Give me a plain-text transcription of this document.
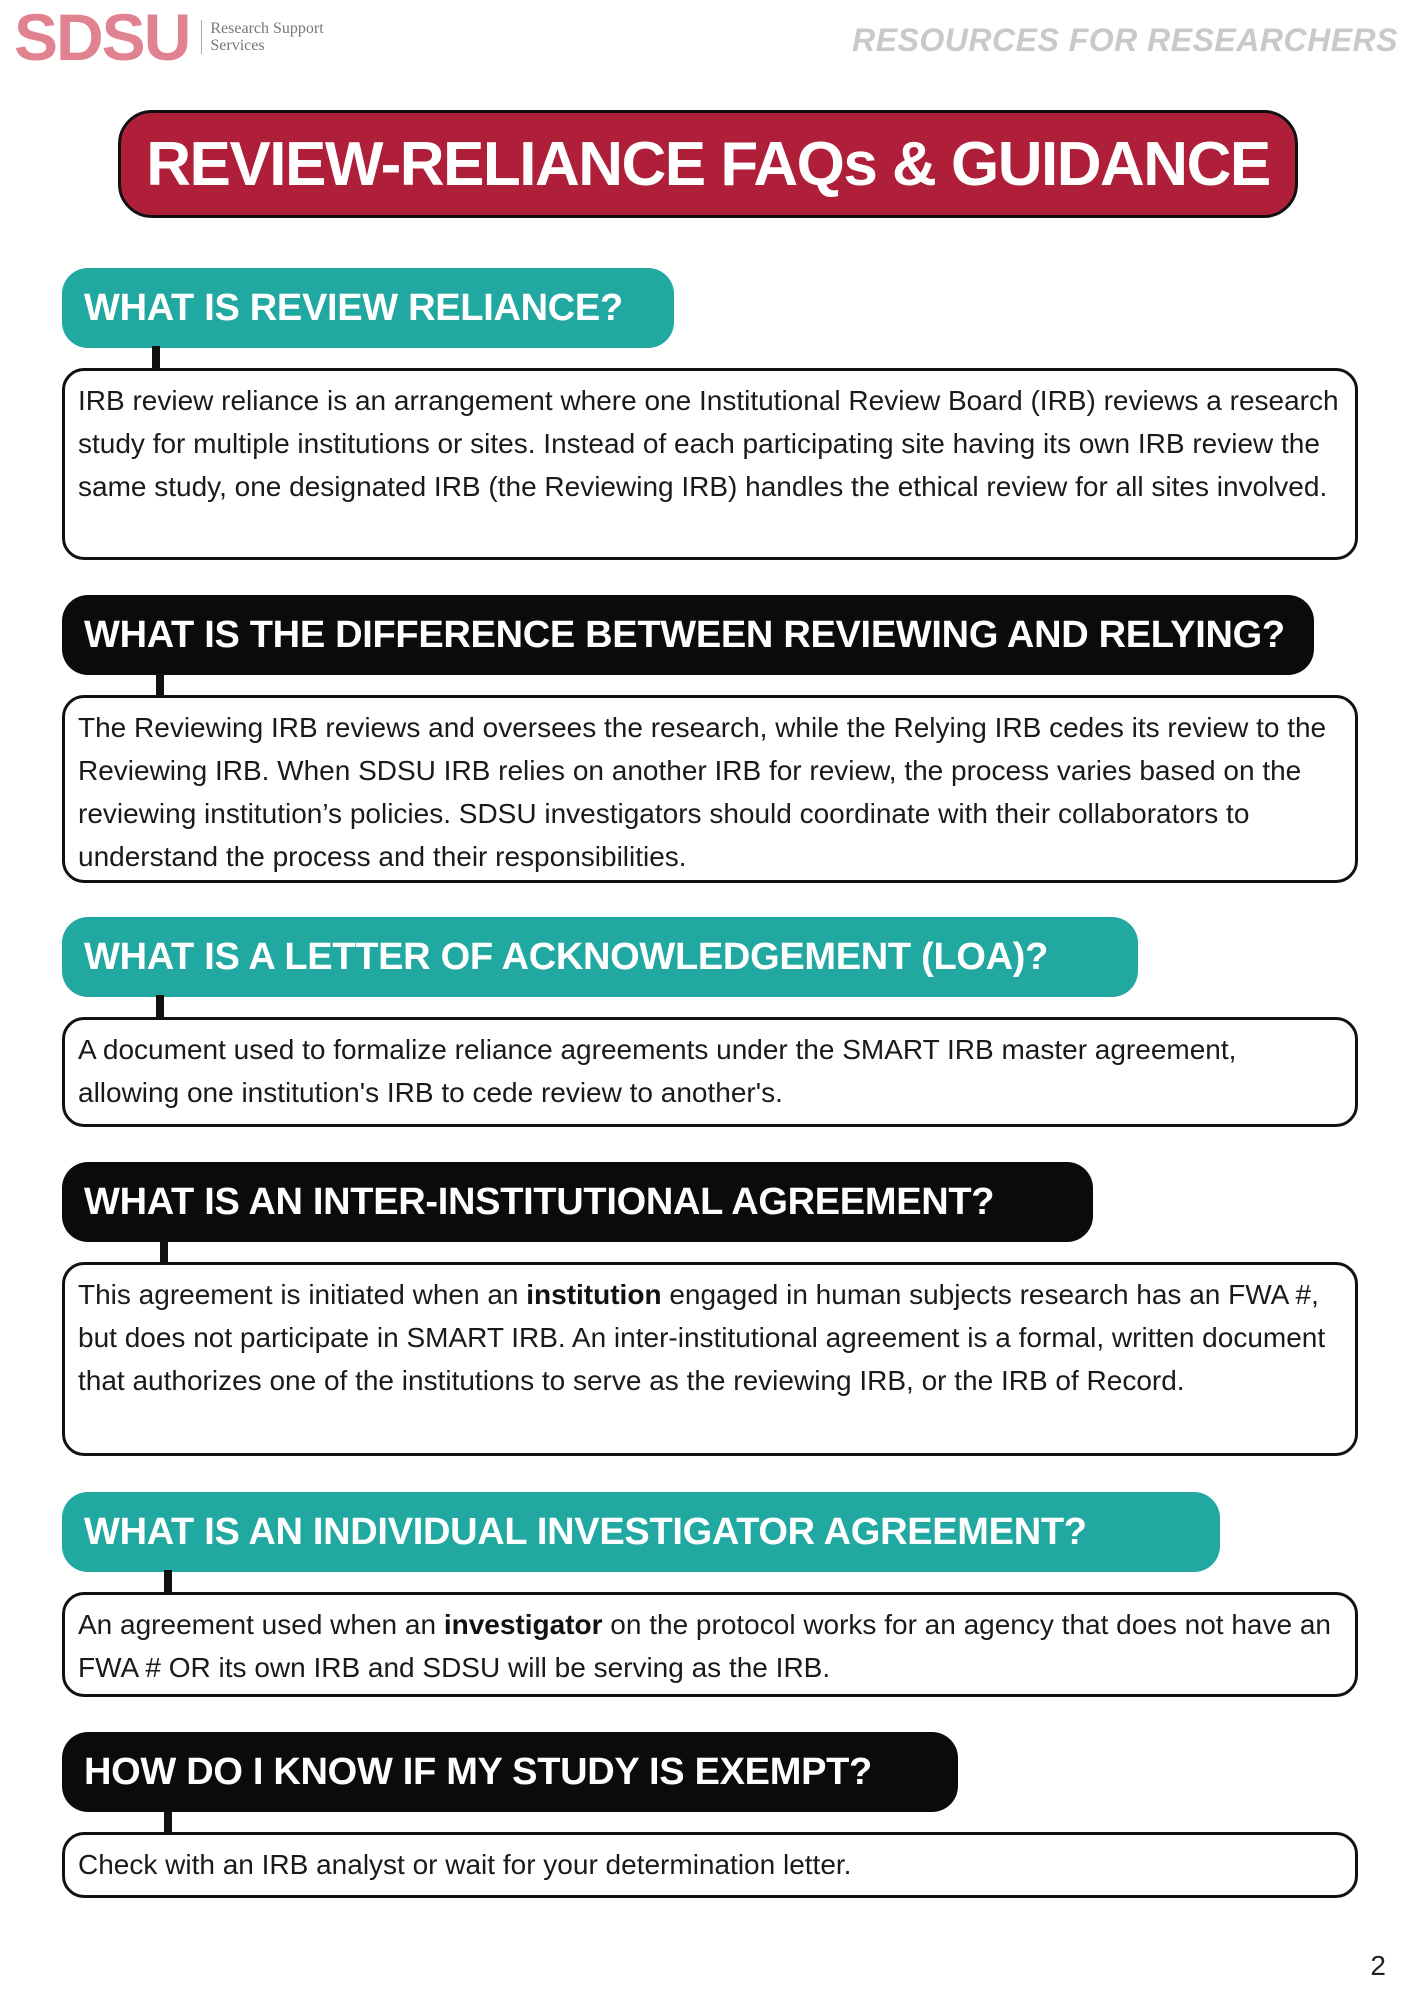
SDSU Research Support
Services	RESOURCES FOR RESEARCHERS
REVIEW-RELIANCE FAQs & GUIDANCE
WHAT IS REVIEW RELIANCE?
IRB review reliance is an arrangement where one Institutional Review Board (IRB) reviews a research study for multiple institutions or sites. Instead of each participating site having its own IRB review the same study, one designated IRB (the Reviewing IRB) handles the ethical review for all sites involved.
WHAT IS THE DIFFERENCE BETWEEN REVIEWING AND RELYING?
The Reviewing IRB reviews and oversees the research, while the Relying IRB cedes its review to the Reviewing IRB. When SDSU IRB relies on another IRB for review, the process varies based on the reviewing institution’s policies. SDSU investigators should coordinate with their collaborators to understand the process and their responsibilities.
WHAT IS A LETTER OF ACKNOWLEDGEMENT (LOA)?
A document used to formalize reliance agreements under the SMART IRB master agreement, allowing one institution's IRB to cede review to another's.
WHAT IS AN INTER-INSTITUTIONAL AGREEMENT?
This agreement is initiated when an institution engaged in human subjects research has an FWA #, but does not participate in SMART IRB. An inter-institutional agreement is a formal, written document that authorizes one of the institutions to serve as the reviewing IRB, or the IRB of Record.
WHAT IS AN INDIVIDUAL INVESTIGATOR AGREEMENT?
An agreement used when an investigator on the protocol works for an agency that does not have an FWA # OR its own IRB and SDSU will be serving as the IRB.
HOW DO I KNOW IF MY STUDY IS EXEMPT?
Check with an IRB analyst or wait for your determination letter.
2
